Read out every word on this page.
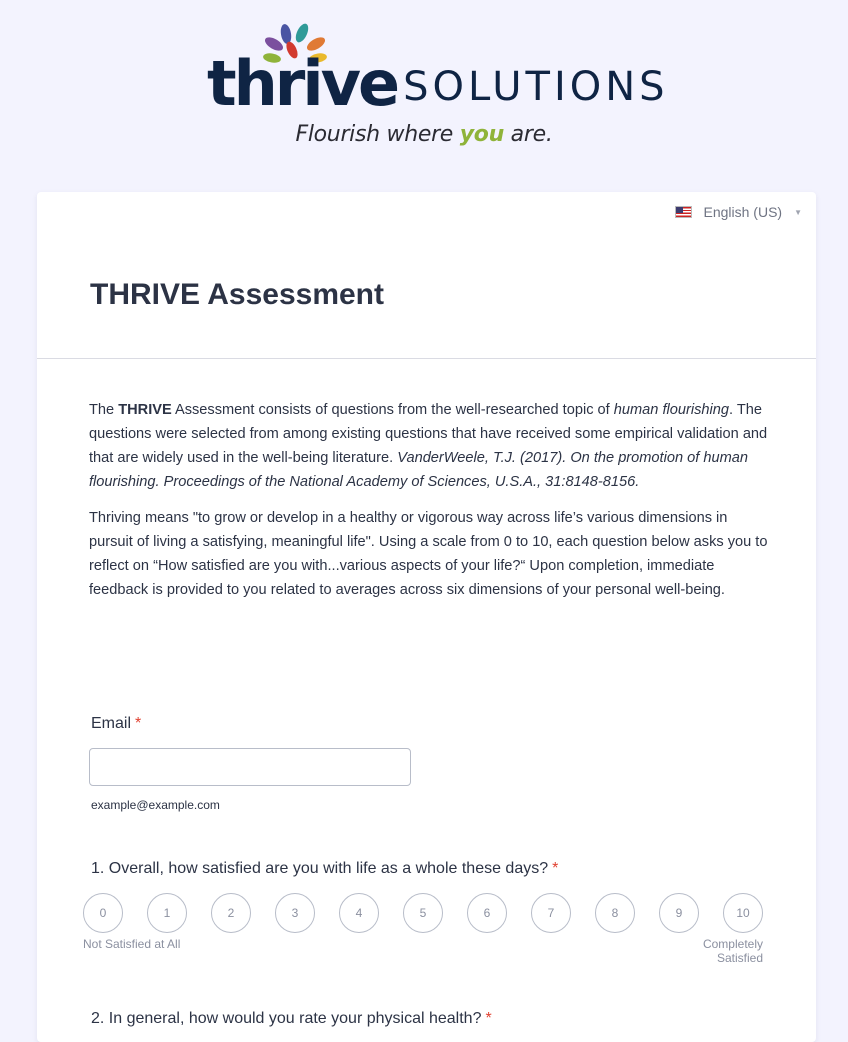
thrive SOLUTIONS
Flourish where you are.
English (US) ▼
THRIVE Assessment

The THRIVE Assessment consists of questions from the well-researched topic of human flourishing. The questions were selected from among existing questions that have received some empirical validation and that are widely used in the well-being literature. VanderWeele, T.J. (2017). On the promotion of human flourishing. Proceedings of the National Academy of Sciences, U.S.A., 31:8148-8156.

Thriving means "to grow or develop in a healthy or vigorous way across life’s various dimensions in pursuit of living a satisfying, meaningful life". Using a scale from 0 to 10, each question below asks you to reflect on “How satisfied are you with...various aspects of your life?“ Upon completion, immediate feedback is provided to you related to averages across six dimensions of your personal well-being.

Email *
example@example.com
1. Overall, how satisfied are you with life as a whole these days? *
0	1	2	3	4	5	6	7	8	9	10
Not Satisfied at All	Completely
Satisfied
2. In general, how would you rate your physical health? *
